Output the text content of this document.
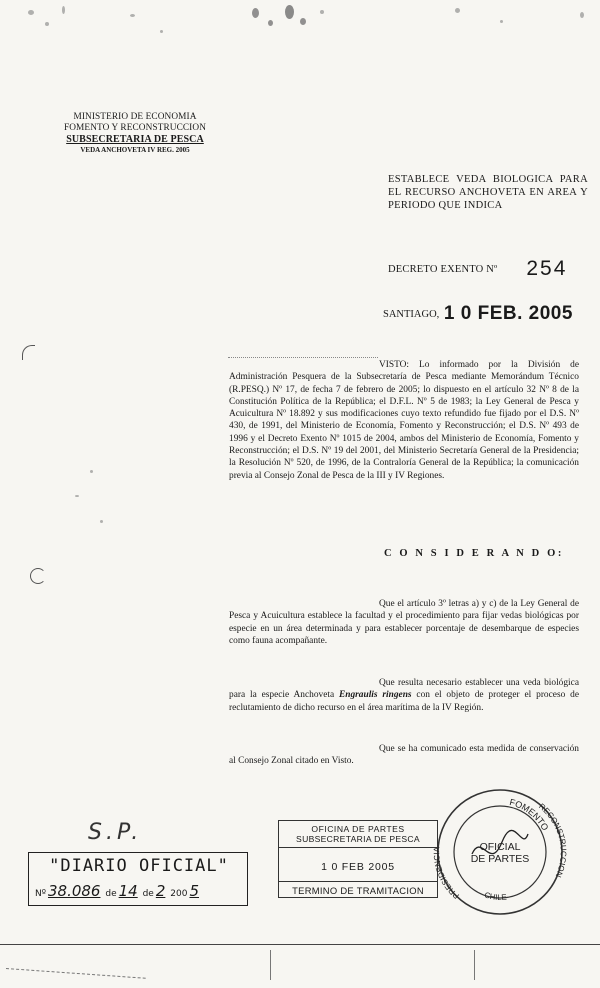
MINISTERIO DE ECONOMIA
FOMENTO Y RECONSTRUCCION
SUBSECRETARIA DE PESCA
VEDA ANCHOVETA IV REG. 2005
ESTABLECE VEDA BIOLOGICA PARA EL RECURSO ANCHOVETA EN AREA Y PERIODO QUE INDICA
DECRETO EXENTO Nº 254
SANTIAGO, 1 0 FEB. 2005
VISTO: Lo informado por la División de Administración Pesquera de la Subsecretaría de Pesca mediante Memorándum Técnico (R.PESQ.) Nº 17, de fecha 7 de febrero de 2005; lo dispuesto en el artículo 32 Nº 8 de la Constitución Política de la República; el D.F.L. Nº 5 de 1983; la Ley General de Pesca y Acuicultura Nº 18.892 y sus modificaciones cuyo texto refundido fue fijado por el D.S. Nº 430, de 1991, del Ministerio de Economía, Fomento y Reconstrucción; el D.S. Nº 493 de 1996 y el Decreto Exento Nº 1015 de 2004, ambos del Ministerio de Economía, Fomento y Reconstrucción; el D.S. Nº 19 del 2001, del Ministerio Secretaría General de la Presidencia; la Resolución Nº 520, de 1996, de la Contraloría General de la República; la comunicación previa al Consejo Zonal de Pesca de la III y IV Regiones.
C O N S I D E R A N D O:
Que el artículo 3º letras a) y c) de la Ley General de Pesca y Acuicultura establece la facultad y el procedimiento para fijar vedas biológicas por especie en un área determinada y para establecer porcentaje de desembarque de especies como fauna acompañante.
Que resulta necesario establecer una veda biológica para la especie Anchoveta Engraulis ringens con el objeto de proteger el proceso de reclutamiento de dicho recurso en el área marítima de la IV Región.
Que se ha comunicado esta medida de conservación al Consejo Zonal citado en Visto.
S.P.
"DIARIO OFICIAL"
Nº 38.086 de 14 de 2 200 5
OFICINA DE PARTES
SUBSECRETARIA DE PESCA
1 0 FEB 2005
TERMINO DE TRAMITACION
FOMENTO
PRESIDENCIA
RECONSTRUCCION
CHILE
OFICIAL
DE PARTES
